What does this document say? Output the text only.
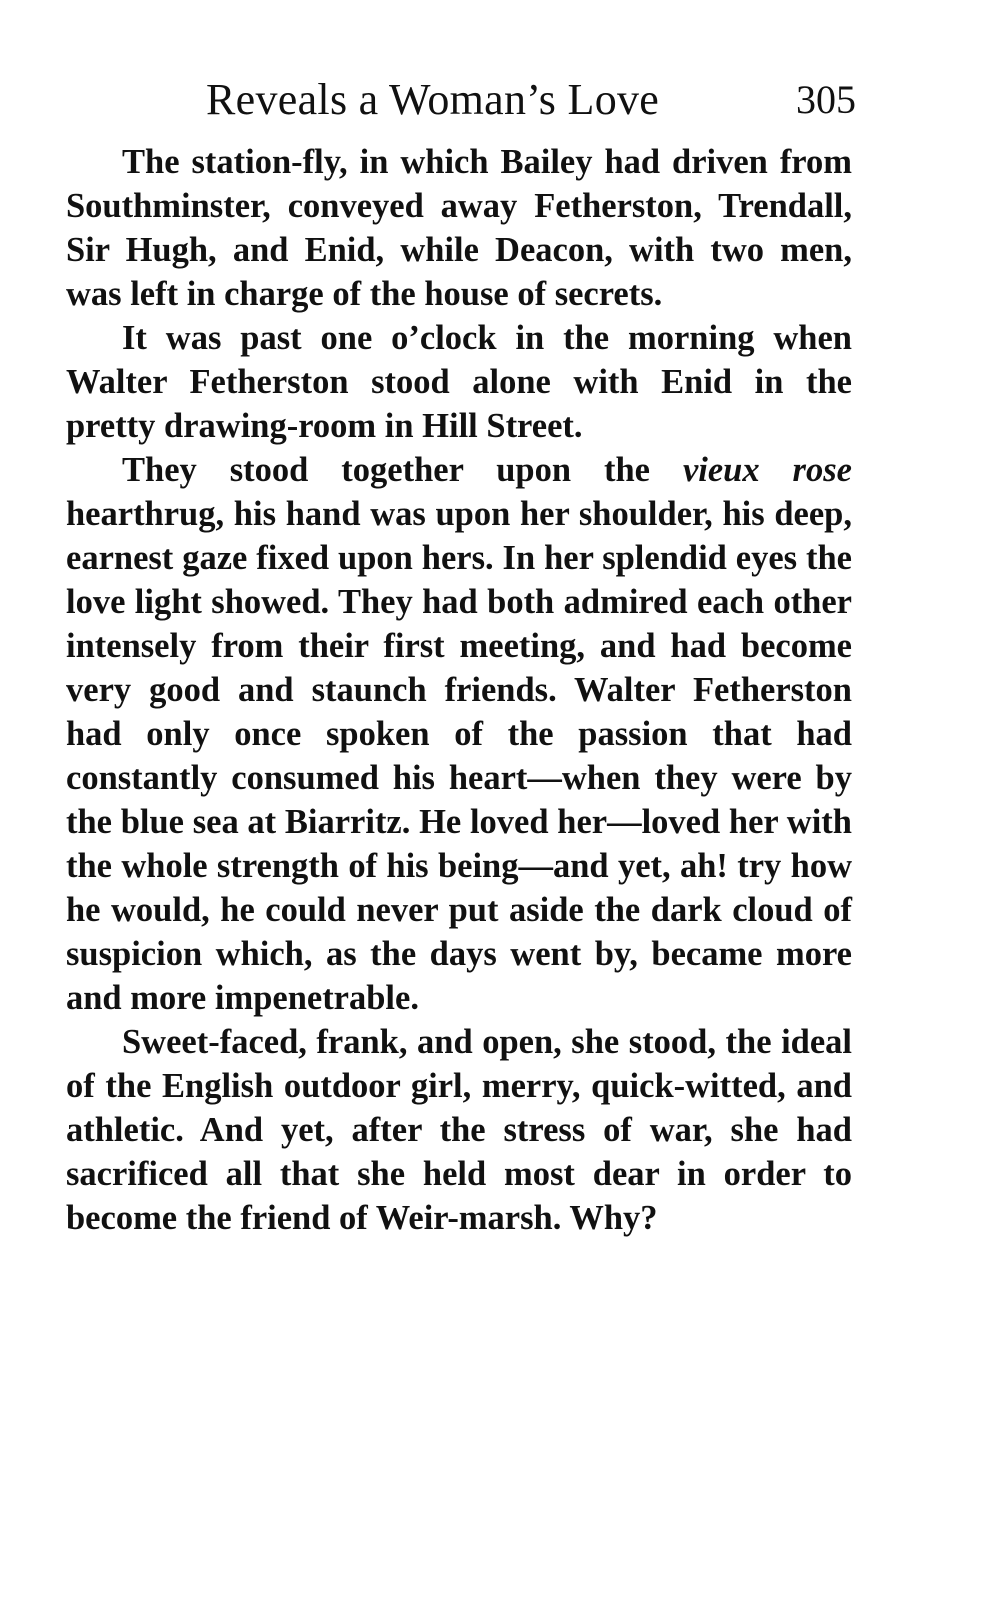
Reveals a Woman’s Love	305

The station-fly, in which Bailey had driven from Southminster, conveyed away Fetherston, Trendall, Sir Hugh, and Enid, while Deacon, with two men, was left in charge of the house of secrets.

It was past one o’clock in the morning when Walter Fetherston stood alone with Enid in the pretty drawing-room in Hill Street.

They stood together upon the vieux rose hearthrug, his hand was upon her shoulder, his deep, earnest gaze fixed upon hers. In her splendid eyes the love light showed. They had both admired each other intensely from their first meeting, and had become very good and staunch friends. Walter Fetherston had only once spoken of the passion that had constantly consumed his heart—when they were by the blue sea at Biarritz. He loved her—loved her with the whole strength of his being—and yet, ah! try how he would, he could never put aside the dark cloud of suspicion which, as the days went by, became more and more impenetrable.

Sweet-faced, frank, and open, she stood, the ideal of the English outdoor girl, merry, quick-witted, and athletic. And yet, after the stress of war, she had sacrificed all that she held most dear in order to become the friend of Weir-marsh. Why?
